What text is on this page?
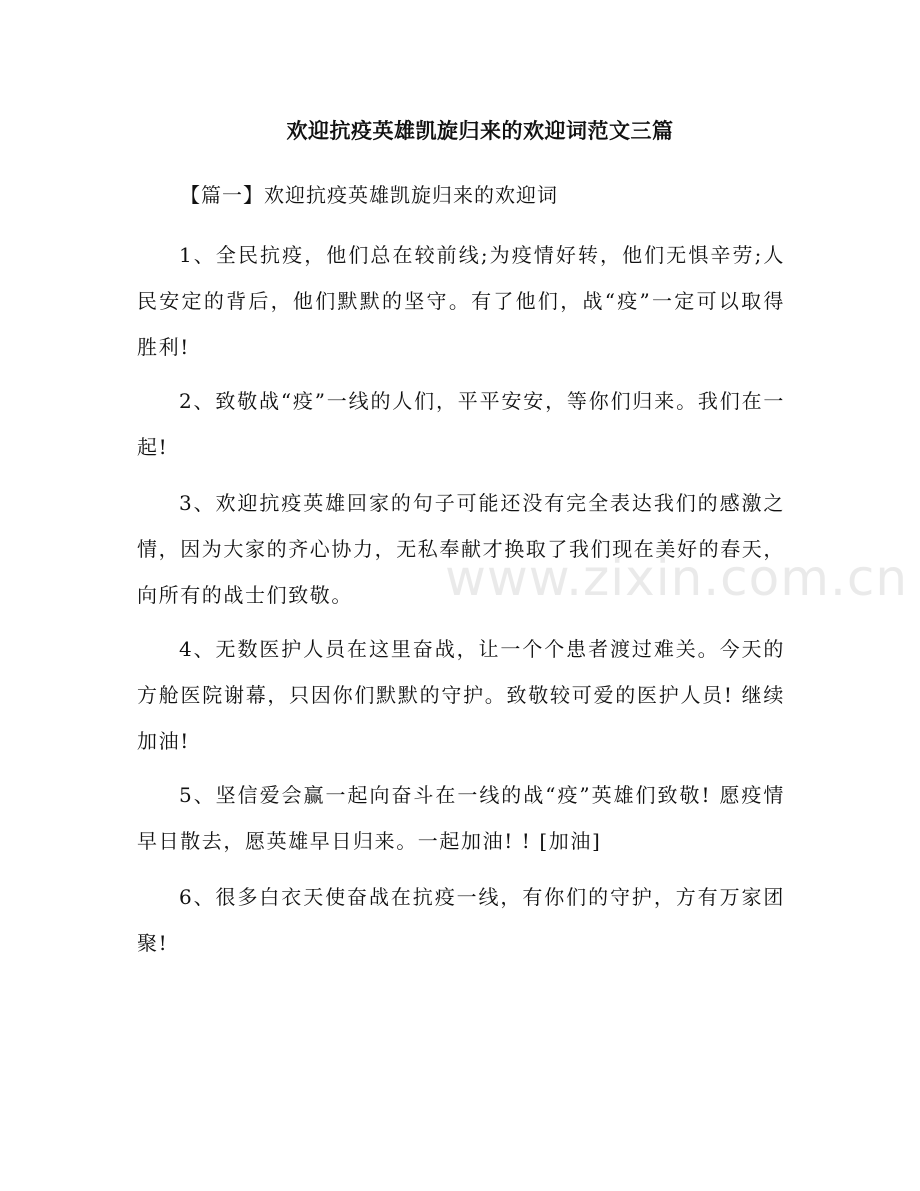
欢迎抗疫英雄凯旋归来的欢迎词范文三篇
【篇一】欢迎抗疫英雄凯旋归来的欢迎词

1、全民抗疫，他们总在较前线;为疫情好转，他们无惧辛劳;人民安定的背后，他们默默的坚守。有了他们，战“疫”一定可以取得胜利!

2、致敬战“疫”一线的人们，平平安安，等你们归来。我们在一起!

3、欢迎抗疫英雄回家的句子可能还没有完全表达我们的感激之情，因为大家的齐心协力，无私奉献才换取了我们现在美好的春天，向所有的战士们致敬。

4、无数医护人员在这里奋战，让一个个患者渡过难关。今天的方舱医院谢幕，只因你们默默的守护。致敬较可爱的医护人员! 继续加油!

5、坚信爱会赢一起向奋斗在一线的战“疫”英雄们致敬! 愿疫情早日散去，愿英雄早日归来。一起加油! ! [加油]

6、很多白衣天使奋战在抗疫一线，有你们的守护，方有万家团聚!

www.zixin.com.cn
